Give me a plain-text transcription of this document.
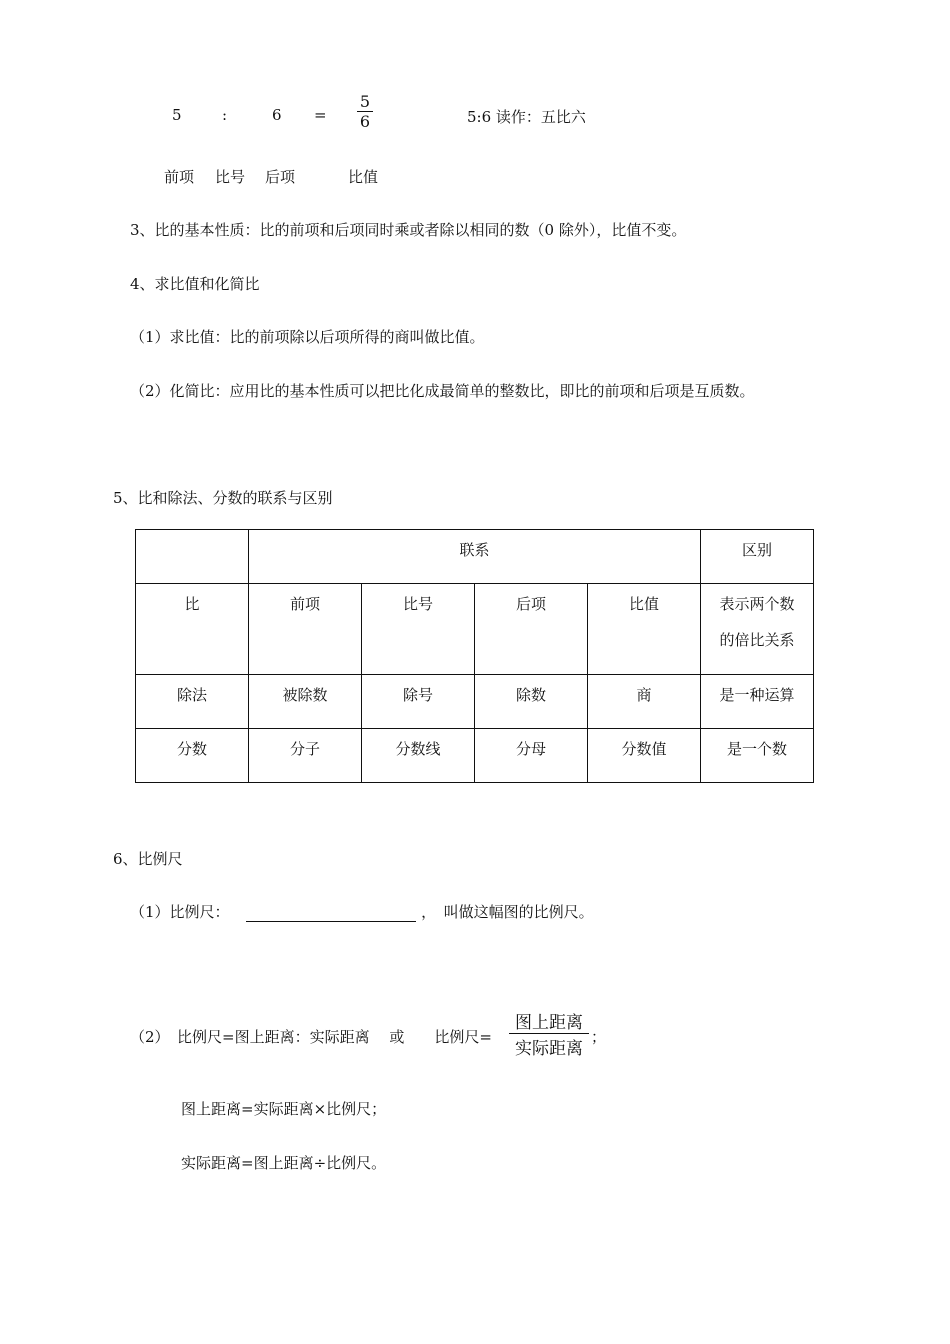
5	:	6 =
5
6	5:6 读作：五比六
前项 比号 后项	比值
3、比的基本性质：比的前项和后项同时乘或者除以相同的数（0 除外），比值不变。
4、求比值和化简比
（1）求比值：比的前项除以后项所得的商叫做比值。
（2）化简比：应用比的基本性质可以把比化成最简单的整数比，即比的前项和后项是互质数。
5、比和除法、分数的联系与区别
	联系				区别
比	前项	比号	后项	比值	表示两个数
的倍比关系

除法	被除数	除号	除数	商	是一种运算
分数	分子	分数线	分母	分数值	是一个数
6、比例尺
（1）比例尺：	，　叫做这幅图的比例尺。
（2）　比例尺=图上距离：实际距离　 或　　比例尺=
图上距离
实际距离
；
图上距离=实际距离×比例尺；
实际距离=图上距离÷比例尺。
